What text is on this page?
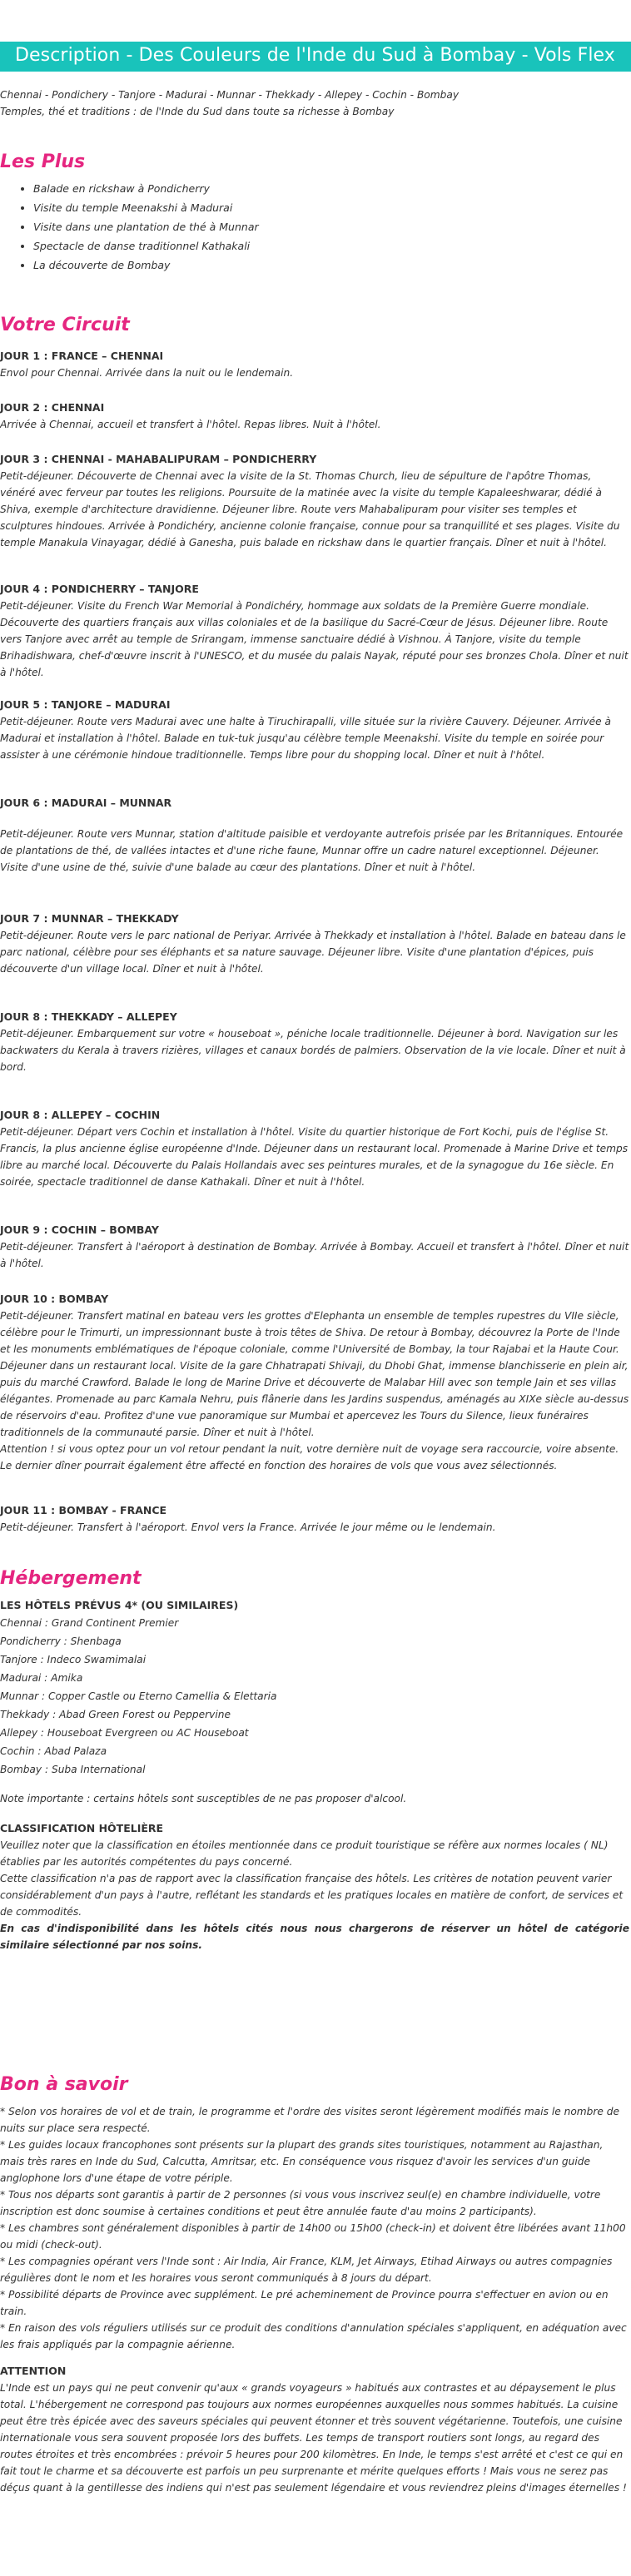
Description - Des Couleurs de l'Inde du Sud à Bombay - Vols Flex
Chennai - Pondichery - Tanjore - Madurai - Munnar - Thekkady - Allepey - Cochin - Bombay
Temples, thé et traditions : de l'Inde du Sud dans toute sa richesse à Bombay
Les Plus
• Balade en rickshaw à Pondicherry
• Visite du temple Meenakshi à Madurai
• Visite dans une plantation de thé à Munnar
• Spectacle de danse traditionnel Kathakali
• La découverte de Bombay
Votre Circuit

JOUR 1 : FRANCE – CHENNAI

Envol pour Chennai. Arrivée dans la nuit ou le lendemain.

JOUR 2 : CHENNAI

Arrivée à Chennai, accueil et transfert à l'hôtel. Repas libres. Nuit à l'hôtel.

JOUR 3 : CHENNAI - MAHABALIPURAM – PONDICHERRY

Petit-déjeuner. Découverte de Chennai avec la visite de la St. Thomas Church, lieu de sépulture de l'apôtre Thomas, vénéré avec ferveur par toutes les religions. Poursuite de la matinée avec la visite du temple Kapaleeshwarar, dédié à Shiva, exemple d'architecture dravidienne. Déjeuner libre. Route vers Mahabalipuram pour visiter ses temples et sculptures hindoues. Arrivée à Pondichéry, ancienne colonie française, connue pour sa tranquillité et ses plages. Visite du temple Manakula Vinayagar, dédié à Ganesha, puis balade en rickshaw dans le quartier français. Dîner et nuit à l'hôtel.

JOUR 4 : PONDICHERRY – TANJORE

Petit-déjeuner. Visite du French War Memorial à Pondichéry, hommage aux soldats de la Première Guerre mondiale. Découverte des quartiers français aux villas coloniales et de la basilique du Sacré-Cœur de Jésus. Déjeuner libre. Route vers Tanjore avec arrêt au temple de Srirangam, immense sanctuaire dédié à Vishnou. À Tanjore, visite du temple Brihadishwara, chef-d'œuvre inscrit à l'UNESCO, et du musée du palais Nayak, réputé pour ses bronzes Chola. Dîner et nuit à l'hôtel.

JOUR 5 : TANJORE – MADURAI

Petit-déjeuner. Route vers Madurai avec une halte à Tiruchirapalli, ville située sur la rivière Cauvery. Déjeuner. Arrivée à Madurai et installation à l'hôtel. Balade en tuk-tuk jusqu'au célèbre temple Meenakshi. Visite du temple en soirée pour assister à une cérémonie hindoue traditionnelle. Temps libre pour du shopping local. Dîner et nuit à l'hôtel.

JOUR 6 : MADURAI – MUNNAR

Petit-déjeuner. Route vers Munnar, station d'altitude paisible et verdoyante autrefois prisée par les Britanniques. Entourée de plantations de thé, de vallées intactes et d'une riche faune, Munnar offre un cadre naturel exceptionnel. Déjeuner. Visite d'une usine de thé, suivie d'une balade au cœur des plantations. Dîner et nuit à l'hôtel.

JOUR 7 : MUNNAR – THEKKADY

Petit-déjeuner. Route vers le parc national de Periyar. Arrivée à Thekkady et installation à l'hôtel. Balade en bateau dans le parc national, célèbre pour ses éléphants et sa nature sauvage. Déjeuner libre. Visite d'une plantation d'épices, puis découverte d'un village local. Dîner et nuit à l'hôtel.

JOUR 8 : THEKKADY – ALLEPEY

Petit-déjeuner. Embarquement sur votre « houseboat », péniche locale traditionnelle. Déjeuner à bord. Navigation sur les backwaters du Kerala à travers rizières, villages et canaux bordés de palmiers. Observation de la vie locale. Dîner et nuit à bord.

JOUR 8 : ALLEPEY – COCHIN

Petit-déjeuner. Départ vers Cochin et installation à l'hôtel. Visite du quartier historique de Fort Kochi, puis de l'église St. Francis, la plus ancienne église européenne d'Inde. Déjeuner dans un restaurant local. Promenade à Marine Drive et temps libre au marché local. Découverte du Palais Hollandais avec ses peintures murales, et de la synagogue du 16e siècle. En soirée, spectacle traditionnel de danse Kathakali. Dîner et nuit à l'hôtel.

JOUR 9 : COCHIN – BOMBAY

Petit-déjeuner. Transfert à l'aéroport à destination de Bombay. Arrivée à Bombay. Accueil et transfert à l'hôtel. Dîner et nuit à l'hôtel.

JOUR 10 : BOMBAY

Petit-déjeuner. Transfert matinal en bateau vers les grottes d'Elephanta un ensemble de temples rupestres du VIIe siècle, célèbre pour le Trimurti, un impressionnant buste à trois têtes de Shiva. De retour à Bombay, découvrez la Porte de l'Inde et les monuments emblématiques de l'époque coloniale, comme l'Université de Bombay, la tour Rajabai et la Haute Cour. Déjeuner dans un restaurant local. Visite de la gare Chhatrapati Shivaji, du Dhobi Ghat, immense blanchisserie en plein air, puis du marché Crawford. Balade le long de Marine Drive et découverte de Malabar Hill avec son temple Jain et ses villas élégantes. Promenade au parc Kamala Nehru, puis flânerie dans les Jardins suspendus, aménagés au XIXe siècle au-dessus de réservoirs d'eau. Profitez d'une vue panoramique sur Mumbai et apercevez les Tours du Silence, lieux funéraires traditionnels de la communauté parsie. Dîner et nuit à l'hôtel.

Attention ! si vous optez pour un vol retour pendant la nuit, votre dernière nuit de voyage sera raccourcie, voire absente. Le dernier dîner pourrait également être affecté en fonction des horaires de vols que vous avez sélectionnés.

JOUR 11 : BOMBAY - FRANCE

Petit-déjeuner. Transfert à l'aéroport. Envol vers la France. Arrivée le jour même ou le lendemain.

Hébergement

LES HÔTELS PRÉVUS 4* (OU SIMILAIRES)

Chennai : Grand Continent Premier

Pondicherry : Shenbaga

Tanjore : Indeco Swamimalai

Madurai : Amika

Munnar : Copper Castle ou Eterno Camellia & Elettaria

Thekkady : Abad Green Forest ou Peppervine

Allepey : Houseboat Evergreen ou AC Houseboat

Cochin : Abad Palaza

Bombay : Suba International

Note importante : certains hôtels sont susceptibles de ne pas proposer d'alcool.

CLASSIFICATION HÔTELIÈRE

Veuillez noter que la classification en étoiles mentionnée dans ce produit touristique se réfère aux normes locales ( NL) établies par les autorités compétentes du pays concerné.
Cette classification n'a pas de rapport avec la classification française des hôtels. Les critères de notation peuvent varier considérablement d'un pays à l'autre, reflétant les standards et les pratiques locales en matière de confort, de services et de commodités.

En cas d'indisponibilité dans les hôtels cités nous nous chargerons de réserver un hôtel de catégorie similaire sélectionné par nos soins.

Bon à savoir

* Selon vos horaires de vol et de train, le programme et l'ordre des visites seront légèrement modifiés mais le nombre de nuits sur place sera respecté.

* Les guides locaux francophones sont présents sur la plupart des grands sites touristiques, notamment au Rajasthan, mais très rares en Inde du Sud, Calcutta, Amritsar, etc. En conséquence vous risquez d'avoir les services d'un guide anglophone lors d'une étape de votre périple.

* Tous nos départs sont garantis à partir de 2 personnes (si vous vous inscrivez seul(e) en chambre individuelle, votre inscription est donc soumise à certaines conditions et peut être annulée faute d'au moins 2 participants).

* Les chambres sont généralement disponibles à partir de 14h00 ou 15h00 (check-in) et doivent être libérées avant 11h00 ou midi (check-out).

* Les compagnies opérant vers l'Inde sont : Air India, Air France, KLM, Jet Airways, Etihad Airways ou autres compagnies régulières dont le nom et les horaires vous seront communiqués à 8 jours du départ.

* Possibilité départs de Province avec supplément. Le pré acheminement de Province pourra s'effectuer en avion ou en train.

* En raison des vols réguliers utilisés sur ce produit des conditions d'annulation spéciales s'appliquent, en adéquation avec les frais appliqués par la compagnie aérienne.

ATTENTION

L'Inde est un pays qui ne peut convenir qu'aux « grands voyageurs » habitués aux contrastes et au dépaysement le plus total. L'hébergement ne correspond pas toujours aux normes européennes auxquelles nous sommes habitués. La cuisine peut être très épicée avec des saveurs spéciales qui peuvent étonner et très souvent végétarienne. Toutefois, une cuisine internationale vous sera souvent proposée lors des buffets. Les temps de transport routiers sont longs, au regard des routes étroites et très encombrées : prévoir 5 heures pour 200 kilomètres. En Inde, le temps s'est arrêté et c'est ce qui en fait tout le charme et sa découverte est parfois un peu surprenante et mérite quelques efforts ! Mais vous ne serez pas déçus quant à la gentillesse des indiens qui n'est pas seulement légendaire et vous reviendrez pleins d'images éternelles !
